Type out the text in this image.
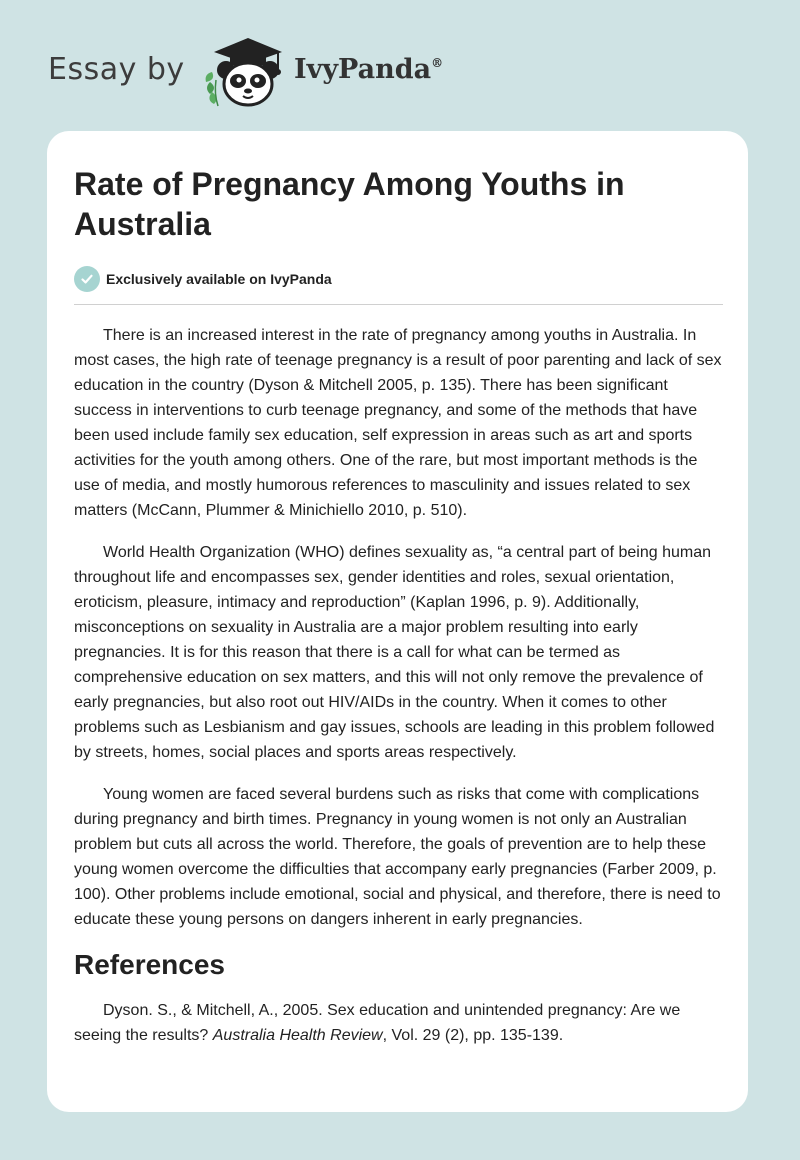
Essay by	IvyPanda®
Rate of Pregnancy Among Youths in Australia
Exclusively available on IvyPanda

There is an increased interest in the rate of pregnancy among youths in Australia. In most cases, the high rate of teenage pregnancy is a result of poor parenting and lack of sex education in the country (Dyson & Mitchell 2005, p. 135). There has been significant success in interventions to curb teenage pregnancy, and some of the methods that have been used include family sex education, self expression in areas such as art and sports activities for the youth among others. One of the rare, but most important methods is the use of media, and mostly humorous references to masculinity and issues related to sex matters (McCann, Plummer & Minichiello 2010, p. 510).

World Health Organization (WHO) defines sexuality as, “a central part of being human throughout life and encompasses sex, gender identities and roles, sexual orientation, eroticism, pleasure, intimacy and reproduction” (Kaplan 1996, p. 9). Additionally, misconceptions on sexuality in Australia are a major problem resulting into early pregnancies. It is for this reason that there is a call for what can be termed as comprehensive education on sex matters, and this will not only remove the prevalence of early pregnancies, but also root out HIV/AIDs in the country. When it comes to other problems such as Lesbianism and gay issues, schools are leading in this problem followed by streets, homes, social places and sports areas respectively.

Young women are faced several burdens such as risks that come with complications during pregnancy and birth times. Pregnancy in young women is not only an Australian problem but cuts all across the world. Therefore, the goals of prevention are to help these young women overcome the difficulties that accompany early pregnancies (Farber 2009, p. 100). Other problems include emotional, social and physical, and therefore, there is need to educate these young persons on dangers inherent in early pregnancies.

References

Dyson. S., & Mitchell, A., 2005. Sex education and unintended pregnancy: Are we seeing the results? Australia Health Review, Vol. 29 (2), pp. 135-139.
